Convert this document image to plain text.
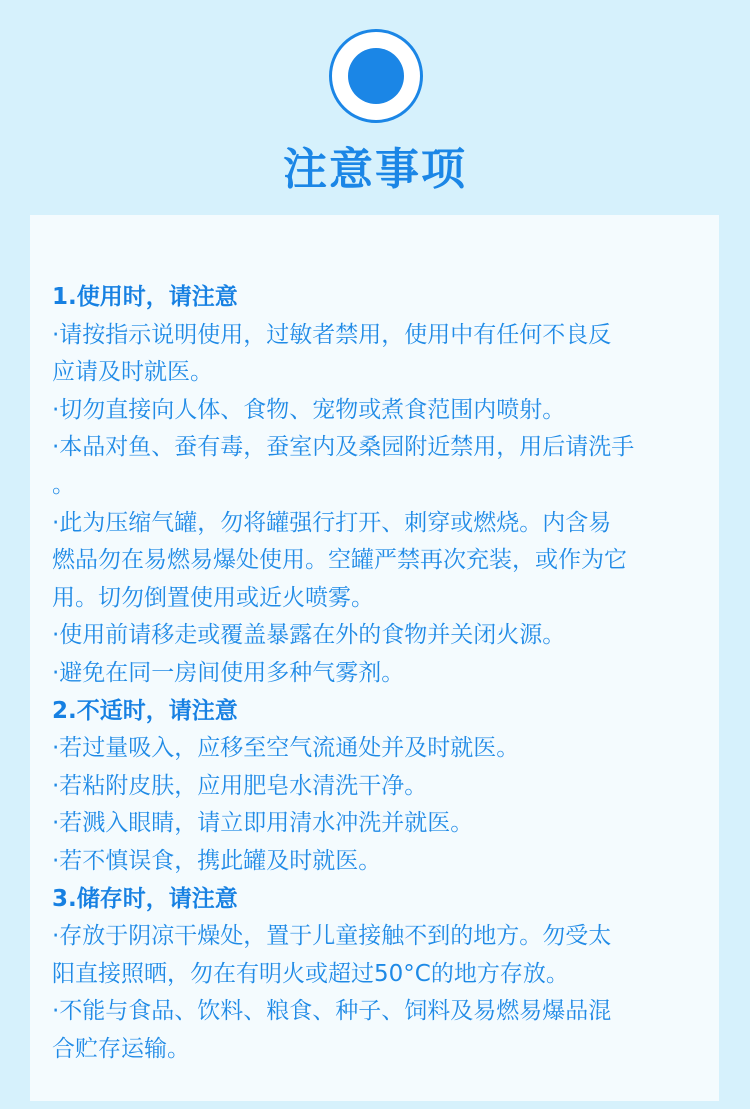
注意事项
1.使用时，请注意
·请按指示说明使用，过敏者禁用，使用中有任何不良反
应请及时就医。
·切勿直接向人体、食物、宠物或煮食范围内喷射。
·本品对鱼、蚕有毒，蚕室内及桑园附近禁用，用后请洗手
。
·此为压缩气罐，勿将罐强行打开、刺穿或燃烧。内含易
燃品勿在易燃易爆处使用。空罐严禁再次充装，或作为它
用。切勿倒置使用或近火喷雾。
·使用前请移走或覆盖暴露在外的食物并关闭火源。
·避免在同一房间使用多种气雾剂。
2.不适时，请注意
·若过量吸入，应移至空气流通处并及时就医。
·若粘附皮肤，应用肥皂水清洗干净。
·若溅入眼睛，请立即用清水冲洗并就医。
·若不慎误食，携此罐及时就医。
3.储存时，请注意
·存放于阴凉干燥处，置于儿童接触不到的地方。勿受太
阳直接照晒，勿在有明火或超过50°C的地方存放。
·不能与食品、饮料、粮食、种子、饲料及易燃易爆品混
合贮存运输。
